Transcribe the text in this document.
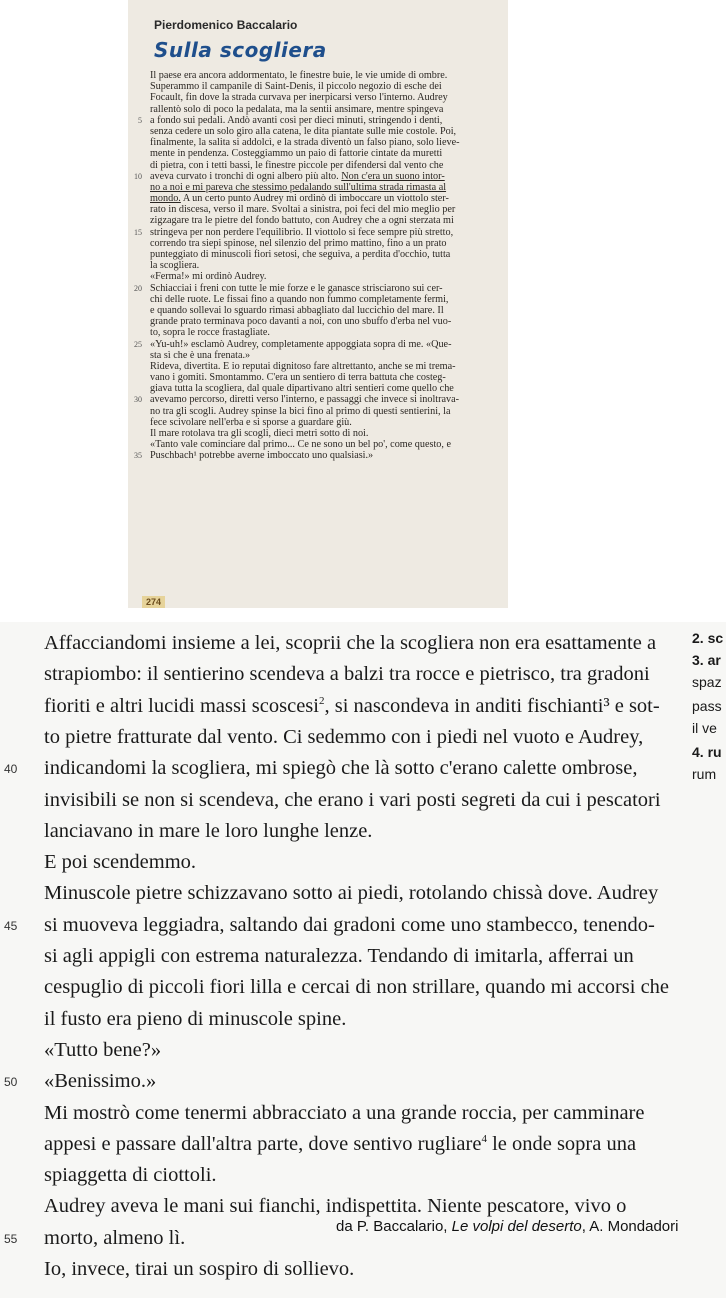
Pierdomenico Baccalario
Sulla scogliera
Il paese era ancora addormentato, le finestre buie, le vie umide di ombre.
Superammo il campanile di Saint-Denis, il piccolo negozio di esche dei
Focault, fin dove la strada curvava per inerpicarsi verso l'interno. Audrey
rallentò solo di poco la pedalata, ma la sentii ansimare, mentre spingeva
5 a fondo sui pedali. Andò avanti così per dieci minuti, stringendo i denti,
senza cedere un solo giro alla catena, le dita piantate sulle mie costole. Poi,
finalmente, la salita si addolcì, e la strada diventò un falso piano, solo lieve-
mente in pendenza. Costeggiammo un paio di fattorie cintate da muretti
di pietra, con i tetti bassi, le finestre piccole per difendersi dal vento che
10 aveva curvato i tronchi di ogni albero più alto. Non c'era un suono intor-
no a noi e mi pareva che stessimo pedalando sull'ultima strada rimasta al
mondo. A un certo punto Audrey mi ordinò di imboccare un viottolo ster-
rato in discesa, verso il mare. Svoltai a sinistra, poi feci del mio meglio per
zigzagare tra le pietre del fondo battuto, con Audrey che a ogni sterzata mi
15 stringeva per non perdere l'equilibrio. Il viottolo si fece sempre più stretto,
correndo tra siepi spinose, nel silenzio del primo mattino, fino a un prato
punteggiato di minuscoli fiori setosi, che seguiva, a perdita d'occhio, tutta
la scogliera.
«Ferma!» mi ordinò Audrey.
20 Schiacciai i freni con tutte le mie forze e le ganasce strisciarono sui cer-
chi delle ruote. Le fissai fino a quando non fummo completamente fermi,
e quando sollevai lo sguardo rimasi abbagliato dal luccichio del mare. Il
grande prato terminava poco davanti a noi, con uno sbuffo d'erba nel vuo-
to, sopra le rocce frastagliate.
25 «Yu-uh!» esclamò Audrey, completamente appoggiata sopra di me. «Que-
sta sì che è una frenata.»
Rideva, divertita. E io reputai dignitoso fare altrettanto, anche se mi trema-
vano i gomiti. Smontammo. C'era un sentiero di terra battuta che costeg-
giava tutta la scogliera, dal quale dipartivano altri sentieri come quello che
30 avevamo percorso, diretti verso l'interno, e passaggi che invece si inoltrava-
no tra gli scogli. Audrey spinse la bici fino al primo di questi sentierini, la
fece scivolare nell'erba e si sporse a guardare giù.
Il mare rotolava tra gli scogli, dieci metri sotto di noi.
«Tanto vale cominciare dal primo... Ce ne sono un bel po', come questo, e
35 Puschbach¹ potrebbe averne imboccato uno qualsiasi.»
274
Affacciandomi insieme a lei, scoprii che la scogliera non era esattamente a
strapiombo: il sentierino scendeva a balzi tra rocce e pietrisco, tra gradoni
fioriti e altri lucidi massi scoscesi$^2$, si nascondeva in anditi fischianti³ e sot-
to pietre fratturate dal vento. Ci sedemmo con i piedi nel vuoto e Audrey,
40	indicandomi la scogliera, mi spiegò che là sotto c'erano calette ombrose,
invisibili se non si scendeva, che erano i vari posti segreti da cui i pescatori
lanciavano in mare le loro lunghe lenze.
E poi scendemmo.
Minuscole pietre schizzavano sotto ai piedi, rotolando chissà dove. Audrey
45	si muoveva leggiadra, saltando dai gradoni come uno stambecco, tenendo-
si agli appigli con estrema naturalezza. Tendando di imitarla, afferrai un
cespuglio di piccoli fiori lilla e cercai di non strillare, quando mi accorsi che
il fusto era pieno di minuscole spine.
«Tutto bene?»
50	«Benissimo.»
Mi mostrò come tenermi abbracciato a una grande roccia, per camminare
appesi e passare dall'altra parte, dove sentivo rugliare$^4$ le onde sopra una
spiaggetta di ciottoli.
Audrey aveva le mani sui fianchi, indispettita. Niente pescatore, vivo o
55	morto, almeno lì.
Io, invece, tirai un sospiro di sollievo.
2. sc
3. ar
spaz
pass
il ve
4. ru
rum
da P. Baccalario, Le volpi del deserto, A. Mondadori
